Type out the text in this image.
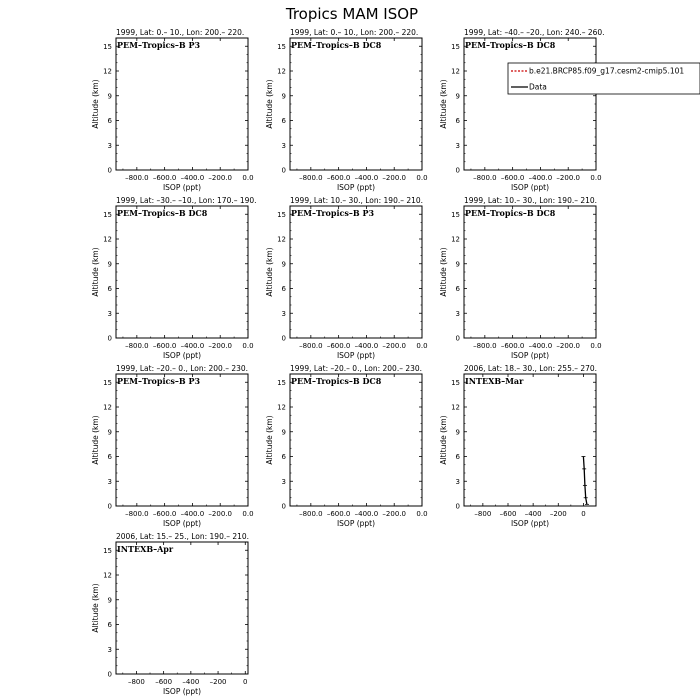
Tropics MAM ISOP
1999, Lat: 0.– 10., Lon: 200.– 220.
PEM–Tropics–B P3
0
3
6
9
12
15
–800.0 –600.0 –400.0 –200.0 0.0
ISOP (ppt)
Altitude (km)
1999, Lat: 0.– 10., Lon: 200.– 220.
PEM–Tropics–B DC8
0
3
6
9
12
15
–800.0 –600.0 –400.0 –200.0 0.0
ISOP (ppt)
Altitude (km)
1999, Lat: –40.– –20., Lon: 240.– 260.
PEM–Tropics–B DC8
0
3
6
9
12
15
–800.0 –600.0 –400.0 –200.0 0.0
ISOP (ppt)
Altitude (km)
1999, Lat: –30.– –10., Lon: 170.– 190.
PEM–Tropics–B DC8
0
3
6
9
12
15
–800.0 –600.0 –400.0 –200.0 0.0
ISOP (ppt)
Altitude (km)
1999, Lat: 10.– 30., Lon: 190.– 210.
PEM–Tropics–B P3
0
3
6
9
12
15
–800.0 –600.0 –400.0 –200.0 0.0
ISOP (ppt)
Altitude (km)
1999, Lat: 10.– 30., Lon: 190.– 210.
PEM–Tropics–B DC8
0
3
6
9
12
15
–800.0 –600.0 –400.0 –200.0 0.0
ISOP (ppt)
Altitude (km)
1999, Lat: –20.– 0., Lon: 200.– 230.
PEM–Tropics–B P3
0
3
6
9
12
15
–800.0 –600.0 –400.0 –200.0 0.0
ISOP (ppt)
Altitude (km)
1999, Lat: –20.– 0., Lon: 200.– 230.
PEM–Tropics–B DC8
0
3
6
9
12
15
–800.0 –600.0 –400.0 –200.0 0.0
ISOP (ppt)
Altitude (km)
2006, Lat: 18.– 30., Lon: 255.– 270.
INTEXB–Mar
0
3
6
9
12
15
–800 –600 –400 –200 0
ISOP (ppt)
Altitude (km)
2006, Lat: 15.– 25., Lon: 190.– 210.
INTEXB–Apr
0
3
6
9
12
15
–800 –600 –400 –200 0
ISOP (ppt)
Altitude (km)
b.e21.BRCP85.f09_g17.cesm2-cmip5.101
Data
